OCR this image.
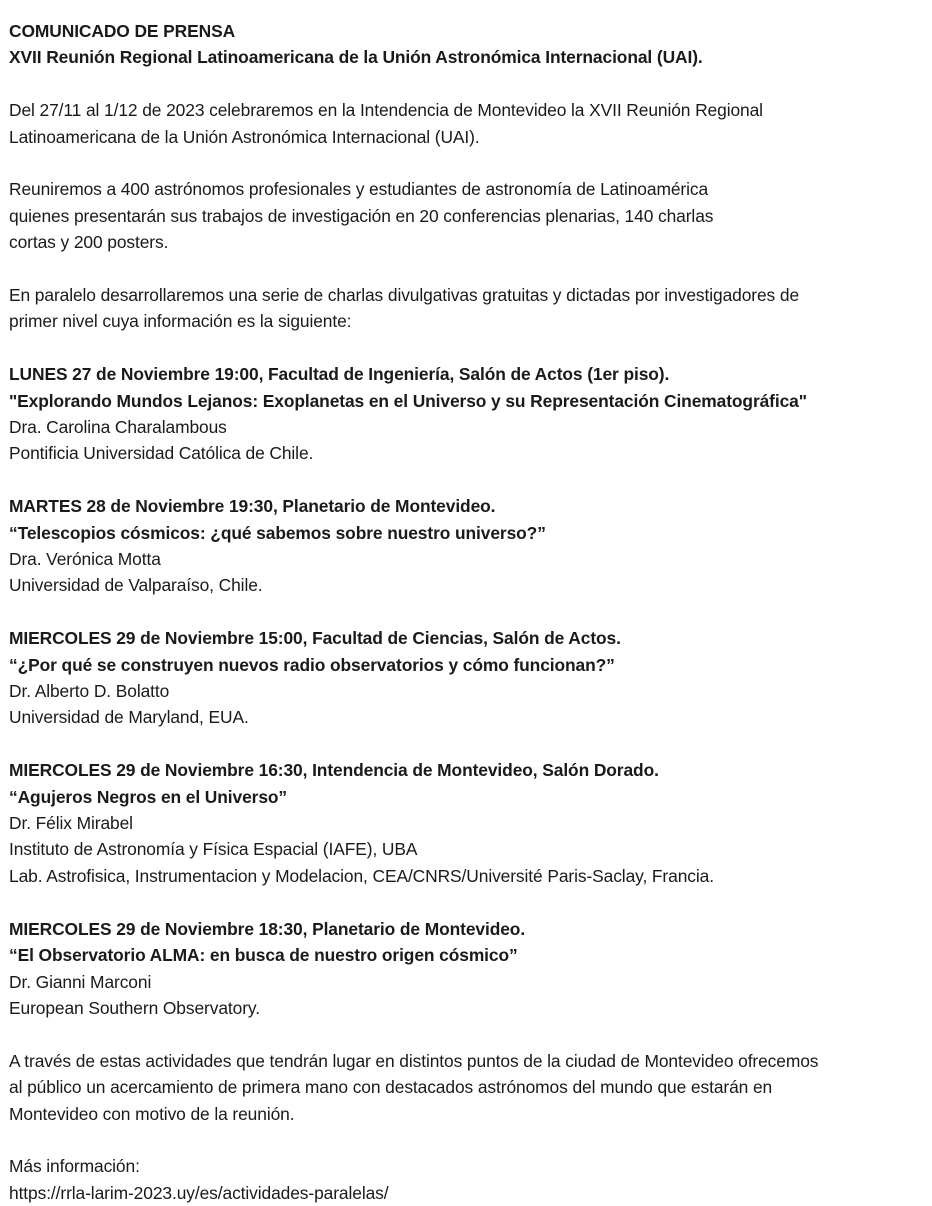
COMUNICADO DE PRENSA
XVII Reunión Regional Latinoamericana de la Unión Astronómica Internacional (UAI).
Del 27/11 al 1/12 de 2023 celebraremos en la Intendencia de Montevideo la XVII Reunión Regional
Latinoamericana de la Unión Astronómica Internacional (UAI).
Reuniremos a 400 astrónomos profesionales y estudiantes de astronomía de Latinoamérica
quienes presentarán sus trabajos de investigación en 20 conferencias plenarias, 140 charlas
cortas y 200 posters.
En paralelo desarrollaremos una serie de charlas divulgativas gratuitas y dictadas por investigadores de
primer nivel cuya información es la siguiente:
LUNES 27 de Noviembre 19:00, Facultad de Ingeniería, Salón de Actos (1er piso).
"Explorando Mundos Lejanos: Exoplanetas en el Universo y su Representación Cinematográfica"
Dra. Carolina Charalambous
Pontificia Universidad Católica de Chile.
MARTES 28 de Noviembre 19:30, Planetario de Montevideo.
“Telescopios cósmicos: ¿qué sabemos sobre nuestro universo?”
Dra. Verónica Motta
Universidad de Valparaíso, Chile.
MIERCOLES 29 de Noviembre 15:00, Facultad de Ciencias, Salón de Actos.
“¿Por qué se construyen nuevos radio observatorios y cómo funcionan?”
Dr. Alberto D. Bolatto
Universidad de Maryland, EUA.
MIERCOLES 29 de Noviembre 16:30, Intendencia de Montevideo, Salón Dorado.
“Agujeros Negros en el Universo”
Dr. Félix Mirabel
Instituto de Astronomía y Física Espacial (IAFE), UBA
Lab. Astrofisica, Instrumentacion y Modelacion, CEA/CNRS/Université Paris-Saclay, Francia.
MIERCOLES 29 de Noviembre 18:30, Planetario de Montevideo.
“El Observatorio ALMA: en busca de nuestro origen cósmico”
Dr. Gianni Marconi
European Southern Observatory.
A través de estas actividades que tendrán lugar en distintos puntos de la ciudad de Montevideo ofrecemos
al público un acercamiento de primera mano con destacados astrónomos del mundo que estarán en
Montevideo con motivo de la reunión.
Más información:
https://rrla-larim-2023.uy/es/actividades-paralelas/
